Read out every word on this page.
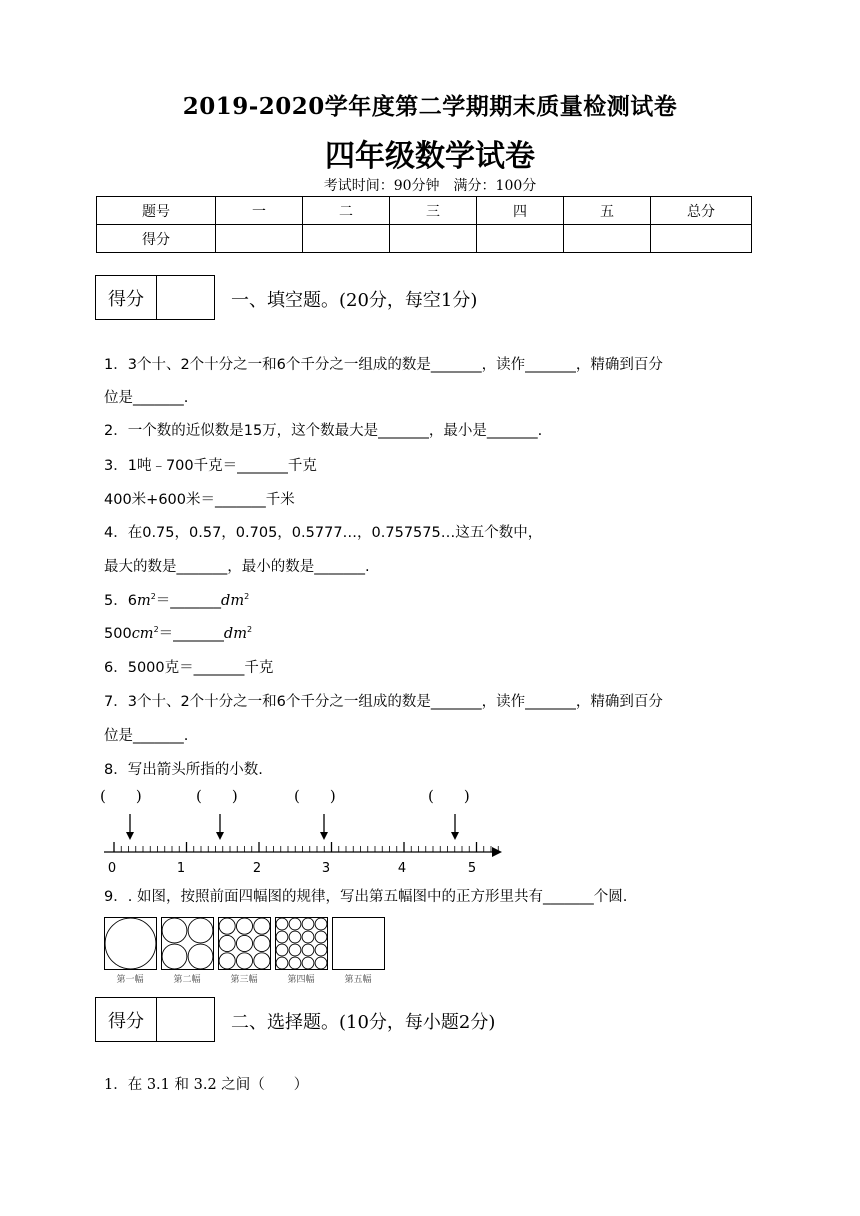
2019-2020学年度第二学期期末质量检测试卷
四年级数学试卷
考试时间：90分钟　满分：100分
题号	一	二	三	四	五	总分
得分						
得分	一、填空题。(20分，每空1分)
1．3个十、2个十分之一和6个千分之一组成的数是_______，读作_______，精确到百分
位是_______.
2．一个数的近似数是15万，这个数最大是_______，最小是_______.
3．1吨﹣700千克＝_______千克
400米+600米＝_______千米
4．在0.75，0.57，0.705，0.5777…，0.757575…这五个数中，
最大的数是_______，最小的数是_______.
5．$6m^2=\_\_\_\_\_\_\_dm^2$
$500cm^2=\_\_\_\_\_\_\_dm^2$
6．5000克＝_______千克
7．3个十、2个十分之一和6个千分之一组成的数是_______，读作_______，精确到百分
位是_______.
8．写出箭头所指的小数.
(　　)	(　　)	(　　)	(　　)
0	1	2	3	4	5
9．. 如图，按照前面四幅图的规律，写出第五幅图中的正方形里共有_______个圆.
第一幅	第二幅	第三幅	第四幅	第五幅
得分	二、选择题。(10分，每小题2分)
1．在 3.1 和 3.2 之间（　　）
